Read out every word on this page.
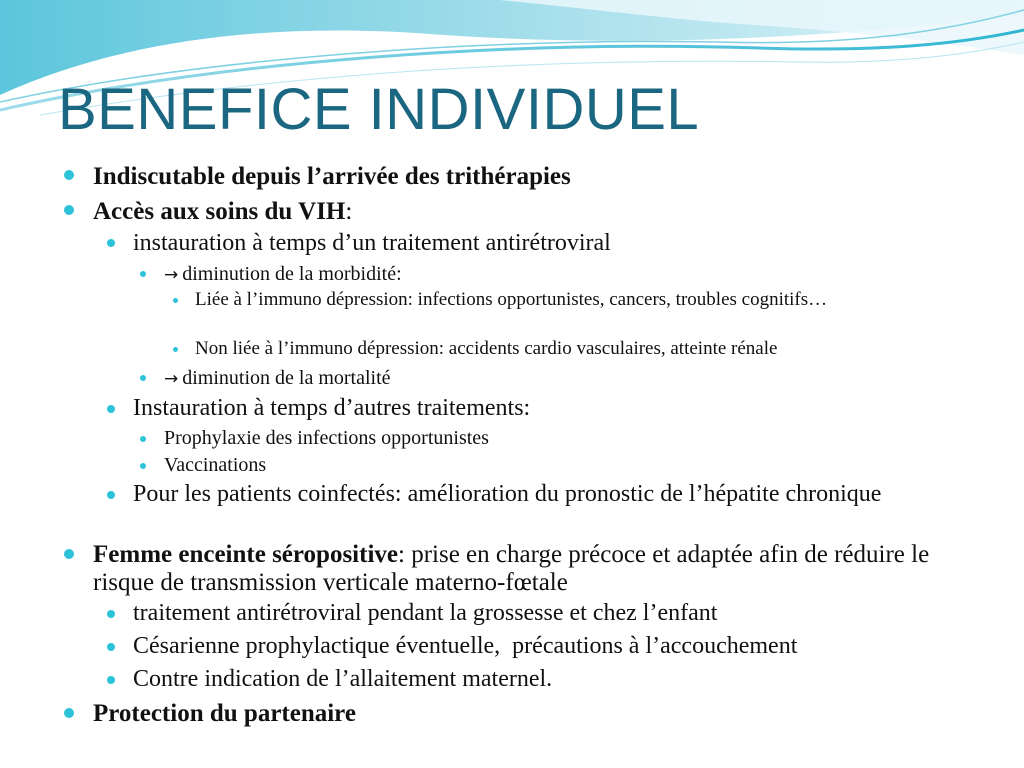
BENEFICE INDIVIDUEL
Indiscutable depuis l’arrivée des trithérapies
Accès aux soins du VIH:
instauration à temps d’un traitement antirétroviral
→ diminution de la morbidité:
Liée à l’immuno dépression: infections opportunistes, cancers, troubles cognitifs…
Non liée à l’immuno dépression: accidents cardio vasculaires, atteinte rénale
→ diminution de la mortalité
Instauration à temps d’autres traitements:
Prophylaxie des infections opportunistes
Vaccinations
Pour les patients coinfectés: amélioration du pronostic de l’hépatite chronique
Femme enceinte séropositive: prise en charge précoce et adaptée afin de réduire le risque de transmission verticale materno-fœtale
traitement antirétroviral pendant la grossesse et chez l’enfant
Césarienne prophylactique éventuelle,  précautions à l’accouchement
Contre indication de l’allaitement maternel.
Protection du partenaire
